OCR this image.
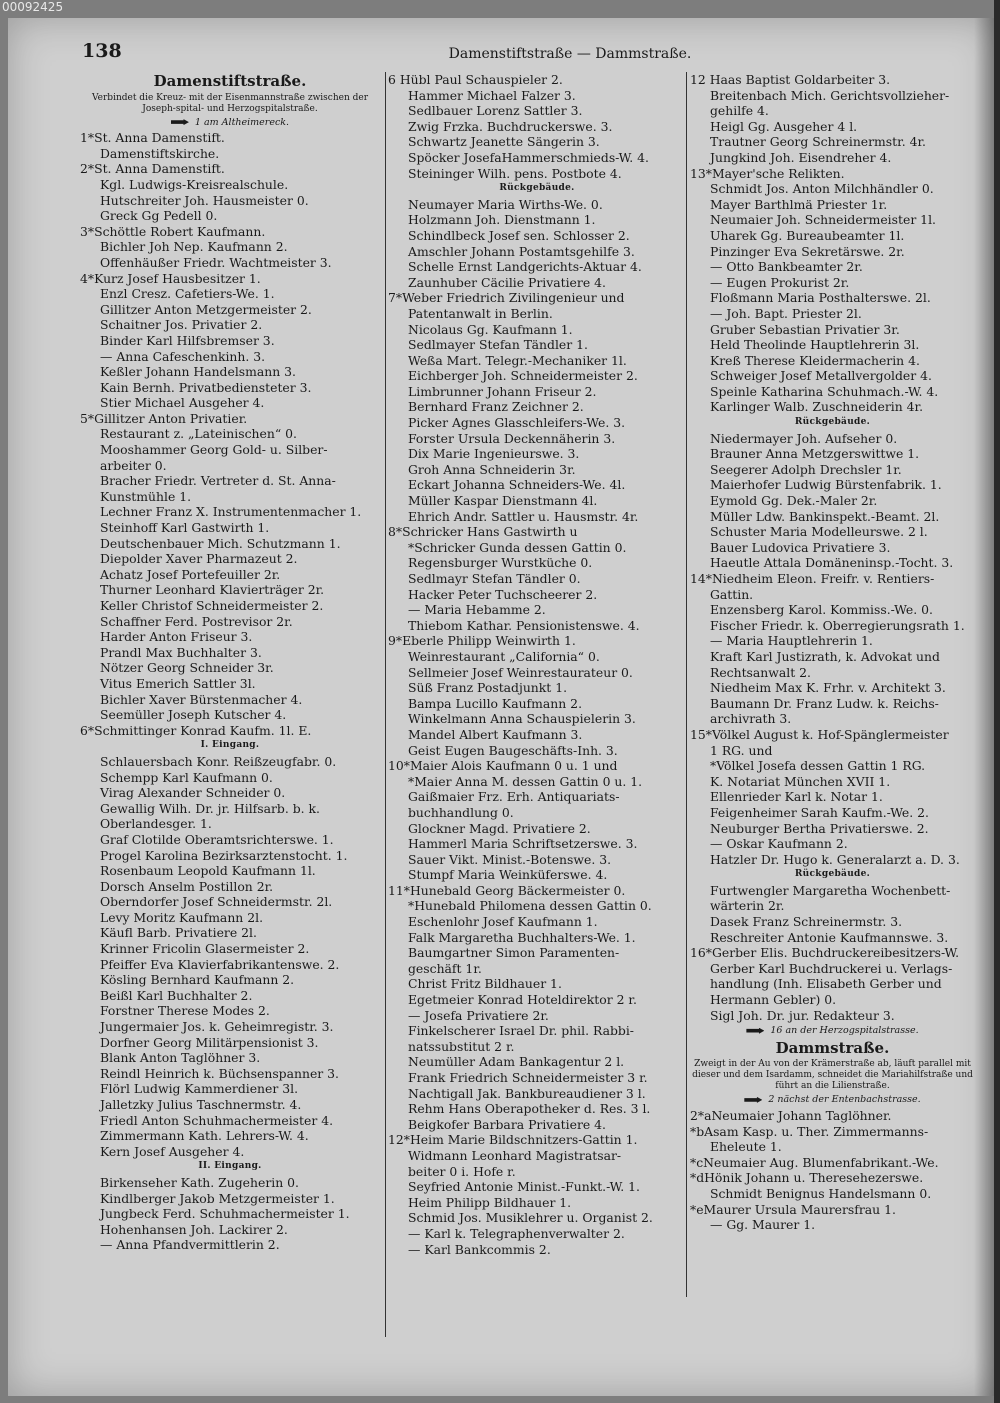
00092425
138	Damenstiftstraße — Dammstraße.
Damenstiftstraße.
Verbindet die Kreuz- mit der Eisenmannstraße zwischen der Joseph-spital- und Herzogspitalstraße.
1 am Altheimereck.
1*St. Anna Damenstift.
Damenstiftskirche.
2*St. Anna Damenstift.
Kgl. Ludwigs-Kreisrealschule.
Hutschreiter Joh. Hausmeister 0.
Greck Gg Pedell 0.
3*Schöttle Robert Kaufmann.
Bichler Joh Nep. Kaufmann 2.
Offenhäußer Friedr. Wachtmeister 3.
4*Kurz Josef Hausbesitzer 1.
Enzl Cresz. Cafetiers-We. 1.
Gillitzer Anton Metzgermeister 2.
Schaitner Jos. Privatier 2.
Binder Karl Hilfsbremser 3.
— Anna Cafeschenkinh. 3.
Keßler Johann Handelsmann 3.
Kain Bernh. Privatbediensteter 3.
Stier Michael Ausgeher 4.
5*Gillitzer Anton Privatier.
Restaurant z. „Lateinischen“ 0.
Mooshammer Georg Gold- u. Silber-
arbeiter 0.
Bracher Friedr. Vertreter d. St. Anna-
Kunstmühle 1.
Lechner Franz X. Instrumentenmacher 1.
Steinhoff Karl Gastwirth 1.
Deutschenbauer Mich. Schutzmann 1.
Diepolder Xaver Pharmazeut 2.
Achatz Josef Portefeuiller 2r.
Thurner Leonhard Klavierträger 2r.
Keller Christof Schneidermeister 2.
Schaffner Ferd. Postrevisor 2r.
Harder Anton Friseur 3.
Prandl Max Buchhalter 3.
Nötzer Georg Schneider 3r.
Vitus Emerich Sattler 3l.
Bichler Xaver Bürstenmacher 4.
Seemüller Joseph Kutscher 4.
6*Schmittinger Konrad Kaufm. 1l. E.
I. Eingang.
Schlauersbach Konr. Reißzeugfabr. 0.
Schempp Karl Kaufmann 0.
Virag Alexander Schneider 0.
Gewallig Wilh. Dr. jr. Hilfsarb. b. k.
Oberlandesger. 1.
Graf Clotilde Oberamtsrichterswe. 1.
Progel Karolina Bezirksarztenstocht. 1.
Rosenbaum Leopold Kaufmann 1l.
Dorsch Anselm Postillon 2r.
Oberndorfer Josef Schneidermstr. 2l.
Levy Moritz Kaufmann 2l.
Käufl Barb. Privatiere 2l.
Krinner Fricolin Glasermeister 2.
Pfeiffer Eva Klavierfabrikantenswe. 2.
Kösling Bernhard Kaufmann 2.
Beißl Karl Buchhalter 2.
Forstner Therese Modes 2.
Jungermaier Jos. k. Geheimregistr. 3.
Dorfner Georg Militärpensionist 3.
Blank Anton Taglöhner 3.
Reindl Heinrich k. Büchsenspanner 3.
Flörl Ludwig Kammerdiener 3l.
Jalletzky Julius Taschnermstr. 4.
Friedl Anton Schuhmachermeister 4.
Zimmermann Kath. Lehrers-W. 4.
Kern Josef Ausgeher 4.
II. Eingang.
Birkenseher Kath. Zugeherin 0.
Kindlberger Jakob Metzgermeister 1.
Jungbeck Ferd. Schuhmachermeister 1.
Hohenhansen Joh. Lackirer 2.
— Anna Pfandvermittlerin 2.
6 Hübl Paul Schauspieler 2.
Hammer Michael Falzer 3.
Sedlbauer Lorenz Sattler 3.
Zwig Frzka. Buchdruckerswe. 3.
Schwartz Jeanette Sängerin 3.
Spöcker JosefaHammerschmieds-W. 4.
Steininger Wilh. pens. Postbote 4.
Rückgebäude.
Neumayer Maria Wirths-We. 0.
Holzmann Joh. Dienstmann 1.
Schindlbeck Josef sen. Schlosser 2.
Amschler Johann Postamtsgehilfe 3.
Schelle Ernst Landgerichts-Aktuar 4.
Zaunhuber Cäcilie Privatiere 4.
7*Weber Friedrich Zivilingenieur und
Patentanwalt in Berlin.
Nicolaus Gg. Kaufmann 1.
Sedlmayer Stefan Tändler 1.
Weßa Mart. Telegr.-Mechaniker 1l.
Eichberger Joh. Schneidermeister 2.
Limbrunner Johann Friseur 2.
Bernhard Franz Zeichner 2.
Picker Agnes Glasschleifers-We. 3.
Forster Ursula Deckennäherin 3.
Dix Marie Ingenieurswe. 3.
Groh Anna Schneiderin 3r.
Eckart Johanna Schneiders-We. 4l.
Müller Kaspar Dienstmann 4l.
Ehrich Andr. Sattler u. Hausmstr. 4r.
8*Schricker Hans Gastwirth u
*Schricker Gunda dessen Gattin 0.
Regensburger Wurstküche 0.
Sedlmayr Stefan Tändler 0.
Hacker Peter Tuchscheerer 2.
— Maria Hebamme 2.
Thiebom Kathar. Pensionistenswe. 4.
9*Eberle Philipp Weinwirth 1.
Weinrestaurant „California“ 0.
Sellmeier Josef Weinrestaurateur 0.
Süß Franz Postadjunkt 1.
Bampa Lucillo Kaufmann 2.
Winkelmann Anna Schauspielerin 3.
Mandel Albert Kaufmann 3.
Geist Eugen Baugeschäfts-Inh. 3.
10*Maier Alois Kaufmann 0 u. 1 und
*Maier Anna M. dessen Gattin 0 u. 1.
Gaißmaier Frz. Erh. Antiquariats-
buchhandlung 0.
Glockner Magd. Privatiere 2.
Hammerl Maria Schriftsetzerswe. 3.
Sauer Vikt. Minist.-Botenswe. 3.
Stumpf Maria Weinküferswe. 4.
11*Hunebald Georg Bäckermeister 0.
*Hunebald Philomena dessen Gattin 0.
Eschenlohr Josef Kaufmann 1.
Falk Margaretha Buchhalters-We. 1.
Baumgartner Simon Paramenten-
geschäft 1r.
Christ Fritz Bildhauer 1.
Egetmeier Konrad Hoteldirektor 2 r.
— Josefa Privatiere 2r.
Finkelscherer Israel Dr. phil. Rabbi-
natssubstitut 2 r.
Neumüller Adam Bankagentur 2 l.
Frank Friedrich Schneidermeister 3 r.
Nachtigall Jak. Bankbureaudiener 3 l.
Rehm Hans Oberapotheker d. Res. 3 l.
Beigkofer Barbara Privatiere 4.
12*Heim Marie Bildschnitzers-Gattin 1.
Widmann Leonhard Magistratsar-
beiter 0 i. Hofe r.
Seyfried Antonie Minist.-Funkt.-W. 1.
Heim Philipp Bildhauer 1.
Schmid Jos. Musiklehrer u. Organist 2.
— Karl k. Telegraphenverwalter 2.
— Karl Bankcommis 2.
12 Haas Baptist Goldarbeiter 3.
Breitenbach Mich. Gerichtsvollzieher-
gehilfe 4.
Heigl Gg. Ausgeher 4 l.
Trautner Georg Schreinermstr. 4r.
Jungkind Joh. Eisendreher 4.
13*Mayer'sche Relikten.
Schmidt Jos. Anton Milchhändler 0.
Mayer Barthlmä Priester 1r.
Neumaier Joh. Schneidermeister 1l.
Uharek Gg. Bureaubeamter 1l.
Pinzinger Eva Sekretärswe. 2r.
— Otto Bankbeamter 2r.
— Eugen Prokurist 2r.
Floßmann Maria Posthalterswe. 2l.
— Joh. Bapt. Priester 2l.
Gruber Sebastian Privatier 3r.
Held Theolinde Hauptlehrerin 3l.
Kreß Therese Kleidermacherin 4.
Schweiger Josef Metallvergolder 4.
Speinle Katharina Schuhmach.-W. 4.
Karlinger Walb. Zuschneiderin 4r.
Rückgebäude.
Niedermayer Joh. Aufseher 0.
Brauner Anna Metzgerswittwe 1.
Seegerer Adolph Drechsler 1r.
Maierhofer Ludwig Bürstenfabrik. 1.
Eymold Gg. Dek.-Maler 2r.
Müller Ldw. Bankinspekt.-Beamt. 2l.
Schuster Maria Modelleurswe. 2 l.
Bauer Ludovica Privatiere 3.
Haeutle Attala Domäneninsp.-Tocht. 3.
14*Niedheim Eleon. Freifr. v. Rentiers-
Gattin.
Enzensberg Karol. Kommiss.-We. 0.
Fischer Friedr. k. Oberregierungsrath 1.
— Maria Hauptlehrerin 1.
Kraft Karl Justizrath, k. Advokat und
Rechtsanwalt 2.
Niedheim Max K. Frhr. v. Architekt 3.
Baumann Dr. Franz Ludw. k. Reichs-
archivrath 3.
15*Völkel August k. Hof-Spänglermeister
1 RG. und
*Völkel Josefa dessen Gattin 1 RG.
K. Notariat München XVII 1.
Ellenrieder Karl k. Notar 1.
Feigenheimer Sarah Kaufm.-We. 2.
Neuburger Bertha Privatierswe. 2.
— Oskar Kaufmann 2.
Hatzler Dr. Hugo k. Generalarzt a. D. 3.
Rückgebäude.
Furtwengler Margaretha Wochenbett-
wärterin 2r.
Dasek Franz Schreinermstr. 3.
Reschreiter Antonie Kaufmannswe. 3.
16*Gerber Elis. Buchdruckereibesitzers-W.
Gerber Karl Buchdruckerei u. Verlags-
handlung (Inh. Elisabeth Gerber und
Hermann Gebler) 0.
Sigl Joh. Dr. jur. Redakteur 3.
16 an der Herzogspitalstrasse.
Dammstraße.
Zweigt in der Au von der Krämerstraße ab, läuft parallel mit dieser und dem Isardamm, schneidet die Mariahilfstraße und führt an die Lilienstraße.
2 nächst der Entenbachstrasse.
2*aNeumaier Johann Taglöhner.
*bAsam Kasp. u. Ther. Zimmermanns-
Eheleute 1.
*cNeumaier Aug. Blumenfabrikant.-We.
*dHönik Johann u. Theresehezerswe.
Schmidt Benignus Handelsmann 0.
*eMaurer Ursula Maurersfrau 1.
— Gg. Maurer 1.
